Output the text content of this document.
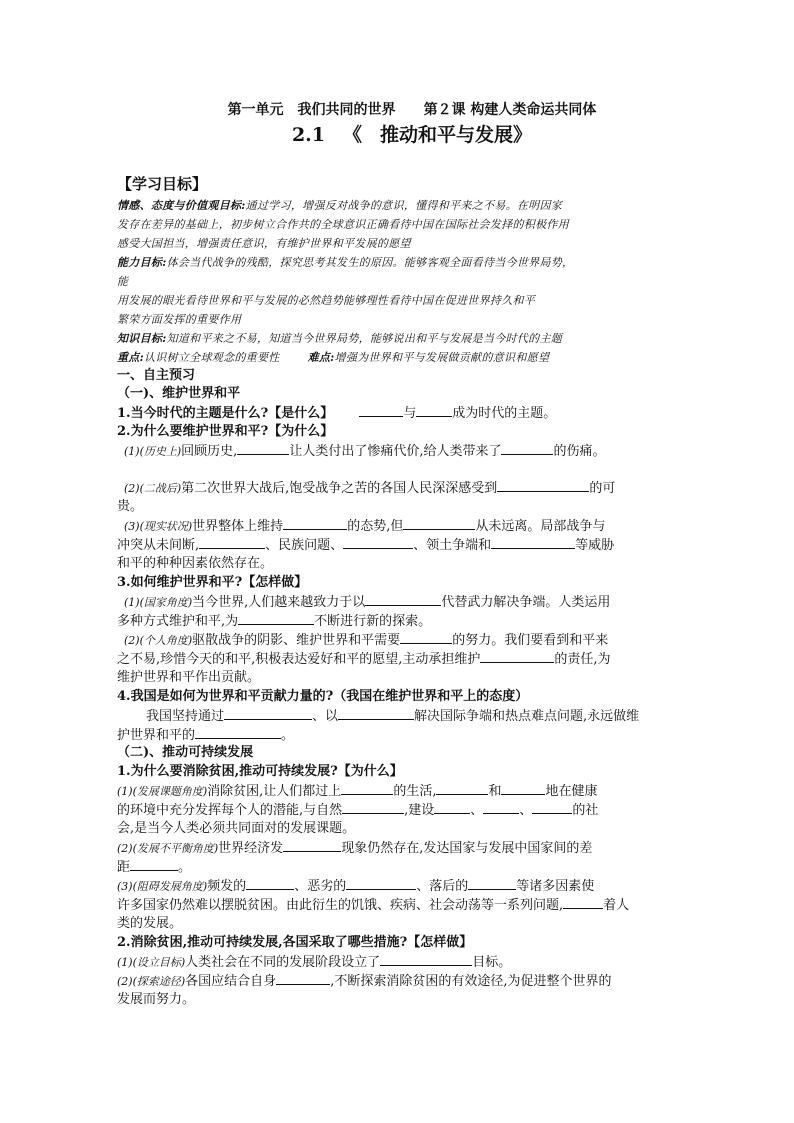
第一单元　我们共同的世界 第２课 构建人类命运共同体
2.1 《 推动和平与发展》
【学习目标】
情感、态度与价值观目标:通过学习，增强反对战争的意识，懂得和平来之不易。在明因家
发存在差异的基础上，初步树立合作共的全球意识正确看待中国在国际社会发择的积极作用
感受大国担当，增强责任意识，有维护世界和平发展的愿望
能力目标:体会当代战争的残酷，探究思考其发生的原因。能够客观全面看待当今世界局势，
能
用发展的眼光看待世界和平与发展的必然趋势能够理性看待中国在促进世界持久和平
繁荣方面发挥的重要作用
知识目标:知道和平来之不易，知道当今世界局势，能够说出和平与发展是当今时代的主题
重点:认识树立全球观念的重要性	难点:增强为世界和平与发展做贡献的意识和愿望
一、自主预习
（一)、维护世界和平
1.当今时代的主题是什么?【是什么】	与	成为时代的主题。
2.为什么要维护世界和平?【为什么】
(1)(历史上)回顾历史,	让人类付出了惨痛代价,给人类带来了	的伤痛。
(2)(二战后)第二次世界大战后,饱受战争之苦的各国人民深深感受到	的可
贵。
(3)(现实状况)世界整体上维持	的态势,但	从未远离。局部战争与
冲突从未间断,	、民族问题、	、领土争端和	等威胁
和平的种种因素依然存在。
3.如何维护世界和平?【怎样做】
(1)(国家角度)当今世界,人们越来越致力于以	代替武力解决争端。人类运用
多种方式维护和平,为	不断进行新的探索。
(2)(个人角度)驱散战争的阴影、维护世界和平需要	的努力。我们要看到和平来
之不易,珍惜今天的和平,积极表达爱好和平的愿望,主动承担维护	的责任,为
维护世界和平作出贡献。
4.我国是如何为世界和平贡献力量的?（我国在维护世界和平上的态度）
我国坚持通过	、以	解决国际争端和热点难点问题,永远做维
护世界和平的	。
（二)、推动可持续发展
1.为什么要消除贫困,推动可持续发展?【为什么】
(1)(发展课题角度)消除贫困,让人们都过上	的生活,	和	地在健康
的环境中充分发挥每个人的潜能,与自然	,建设	、	、	的社
会,是当今人类必须共同面对的发展课题。
(2)(发展不平衡角度)世界经济发	现象仍然存在,发达国家与发展中国家间的差
距	。
(3)(阻碍发展角度)频发的	、恶劣的	、落后的	等诸多因素使
许多国家仍然难以摆脱贫困。由此衍生的饥饿、疾病、社会动荡等一系列问题,	着人
类的发展。
2.消除贫困,推动可持续发展,各国采取了哪些措施?【怎样做】
(1)(设立目标)人类社会在不同的发展阶段设立了	目标。
(2)(探索途径)各国应结合自身	,不断探索消除贫困的有效途径,为促进整个世界的
发展而努力。
